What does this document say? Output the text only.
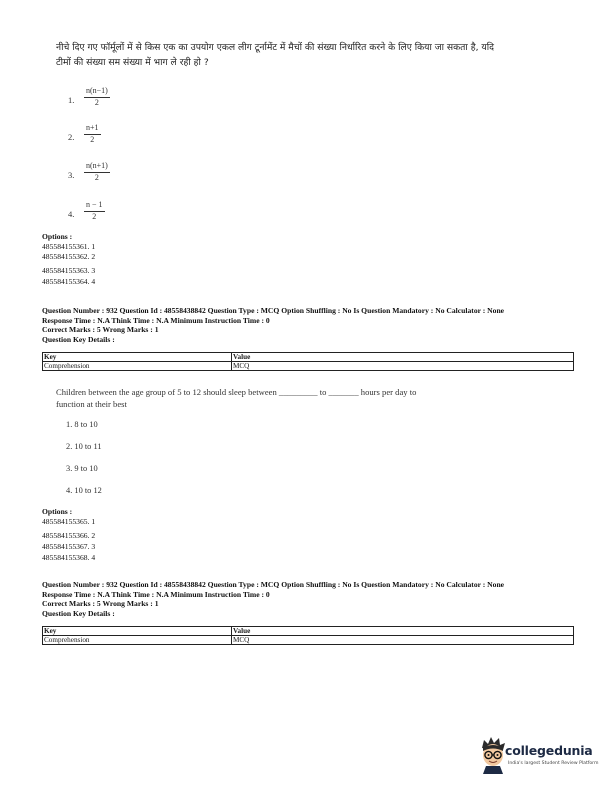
नीचे दिए गए फॉर्मूलों में से किस एक का उपयोग एकल लीग टूर्नामेंट में मैचों की संख्या निर्धारित करने के लिए किया जा सकता है, यदि टीमों की संख्या सम संख्या में भाग ले रही हो ?
1. $\frac{n(n-1)}{2}$
2. $\frac{n+1}{2}$
3. $\frac{n(n+1)}{2}$
4. $\frac{n - 1}{2}$
Options :
485584155361. 1
485584155362. 2
485584155363. 3
485584155364. 4
Question Number : 932 Question Id : 48558438842 Question Type : MCQ Option Shuffling : No Is Question Mandatory : No Calculator : None
Response Time : N.A Think Time : N.A Minimum Instruction Time : 0
Correct Marks : 5 Wrong Marks : 1
Question Key Details :
Key	Value
Comprehension	MCQ
Children between the age group of 5 to 12 should sleep between _________ to _______ hours per day to
function at their best
1. 8 to 10
2. 10 to 11
3. 9 to 10
4. 10 to 12
Options :
485584155365. 1
485584155366. 2
485584155367. 3
485584155368. 4
Question Number : 932 Question Id : 48558438842 Question Type : MCQ Option Shuffling : No Is Question Mandatory : No Calculator : None
Response Time : N.A Think Time : N.A Minimum Instruction Time : 0
Correct Marks : 5 Wrong Marks : 1
Question Key Details :
Key	Value
Comprehension	MCQ
collegedunia
India's largest Student Review Platform
